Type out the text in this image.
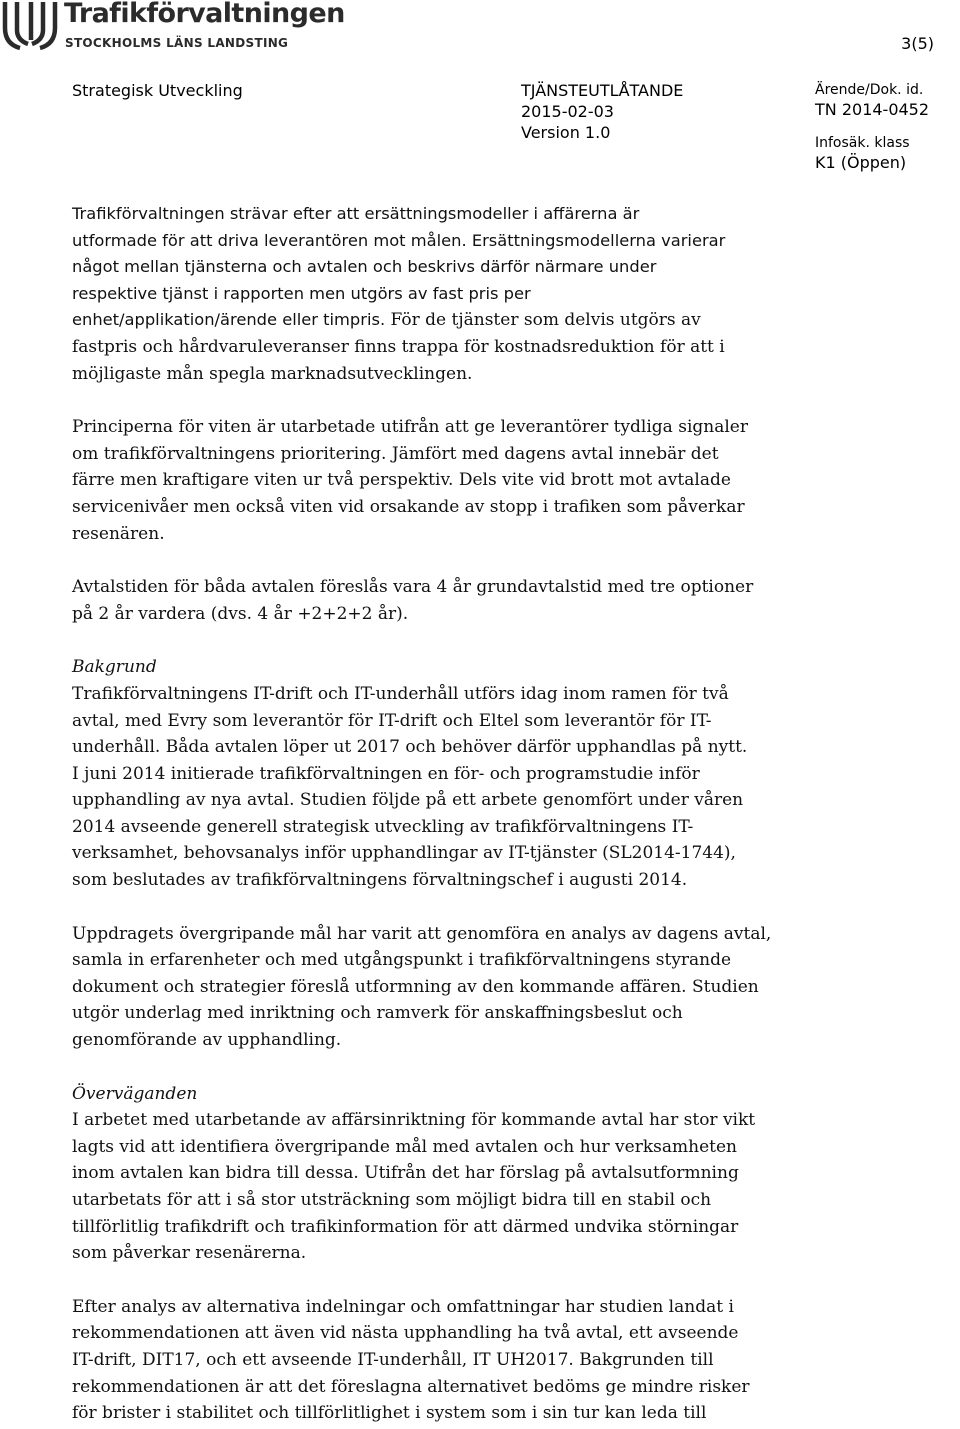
Trafikförvaltningen
STOCKHOLMS LÄNS LANDSTING	3(5)
Strategisk Utveckling	TJÄNSTEUTLÅTANDE
2015-02-03
Version 1.0
Ärende/Dok. id.
TN 2014-0452
Infosäk. klass
K1 (Öppen)
Trafikförvaltningen strävar efter att ersättningsmodeller i affärerna är
utformade för att driva leverantören mot målen. Ersättningsmodellerna varierar
något mellan tjänsterna och avtalen och beskrivs därför närmare under
respektive tjänst i rapporten men utgörs av fast pris per
enhet/applikation/ärende eller timpris. För de tjänster som delvis utgörs av
fastpris och hårdvaruleveranser finns trappa för kostnadsreduktion för att i
möjligaste mån spegla marknadsutvecklingen.
Principerna för viten är utarbetade utifrån att ge leverantörer tydliga signaler
om trafikförvaltningens prioritering. Jämfört med dagens avtal innebär det
färre men kraftigare viten ur två perspektiv. Dels vite vid brott mot avtalade
servicenivåer men också viten vid orsakande av stopp i trafiken som påverkar
resenären.
Avtalstiden för båda avtalen föreslås vara 4 år grundavtalstid med tre optioner
på 2 år vardera (dvs. 4 år +2+2+2 år).
Bakgrund
Trafikförvaltningens IT-drift och IT-underhåll utförs idag inom ramen för två
avtal, med Evry som leverantör för IT-drift och Eltel som leverantör för IT-
underhåll. Båda avtalen löper ut 2017 och behöver därför upphandlas på nytt.
I juni 2014 initierade trafikförvaltningen en för- och programstudie inför
upphandling av nya avtal. Studien följde på ett arbete genomfört under våren
2014 avseende generell strategisk utveckling av trafikförvaltningens IT-
verksamhet, behovsanalys inför upphandlingar av IT-tjänster (SL2014-1744),
som beslutades av trafikförvaltningens förvaltningschef i augusti 2014.
Uppdragets övergripande mål har varit att genomföra en analys av dagens avtal,
samla in erfarenheter och med utgångspunkt i trafikförvaltningens styrande
dokument och strategier föreslå utformning av den kommande affären. Studien
utgör underlag med inriktning och ramverk för anskaffningsbeslut och
genomförande av upphandling.
Överväganden
I arbetet med utarbetande av affärsinriktning för kommande avtal har stor vikt
lagts vid att identifiera övergripande mål med avtalen och hur verksamheten
inom avtalen kan bidra till dessa. Utifrån det har förslag på avtalsutformning
utarbetats för att i så stor utsträckning som möjligt bidra till en stabil och
tillförlitlig trafikdrift och trafikinformation för att därmed undvika störningar
som påverkar resenärerna.
Efter analys av alternativa indelningar och omfattningar har studien landat i
rekommendationen att även vid nästa upphandling ha två avtal, ett avseende
IT-drift, DIT17, och ett avseende IT-underhåll, IT UH2017. Bakgrunden till
rekommendationen är att det föreslagna alternativet bedöms ge mindre risker
för brister i stabilitet och tillförlitlighet i system som i sin tur kan leda till
